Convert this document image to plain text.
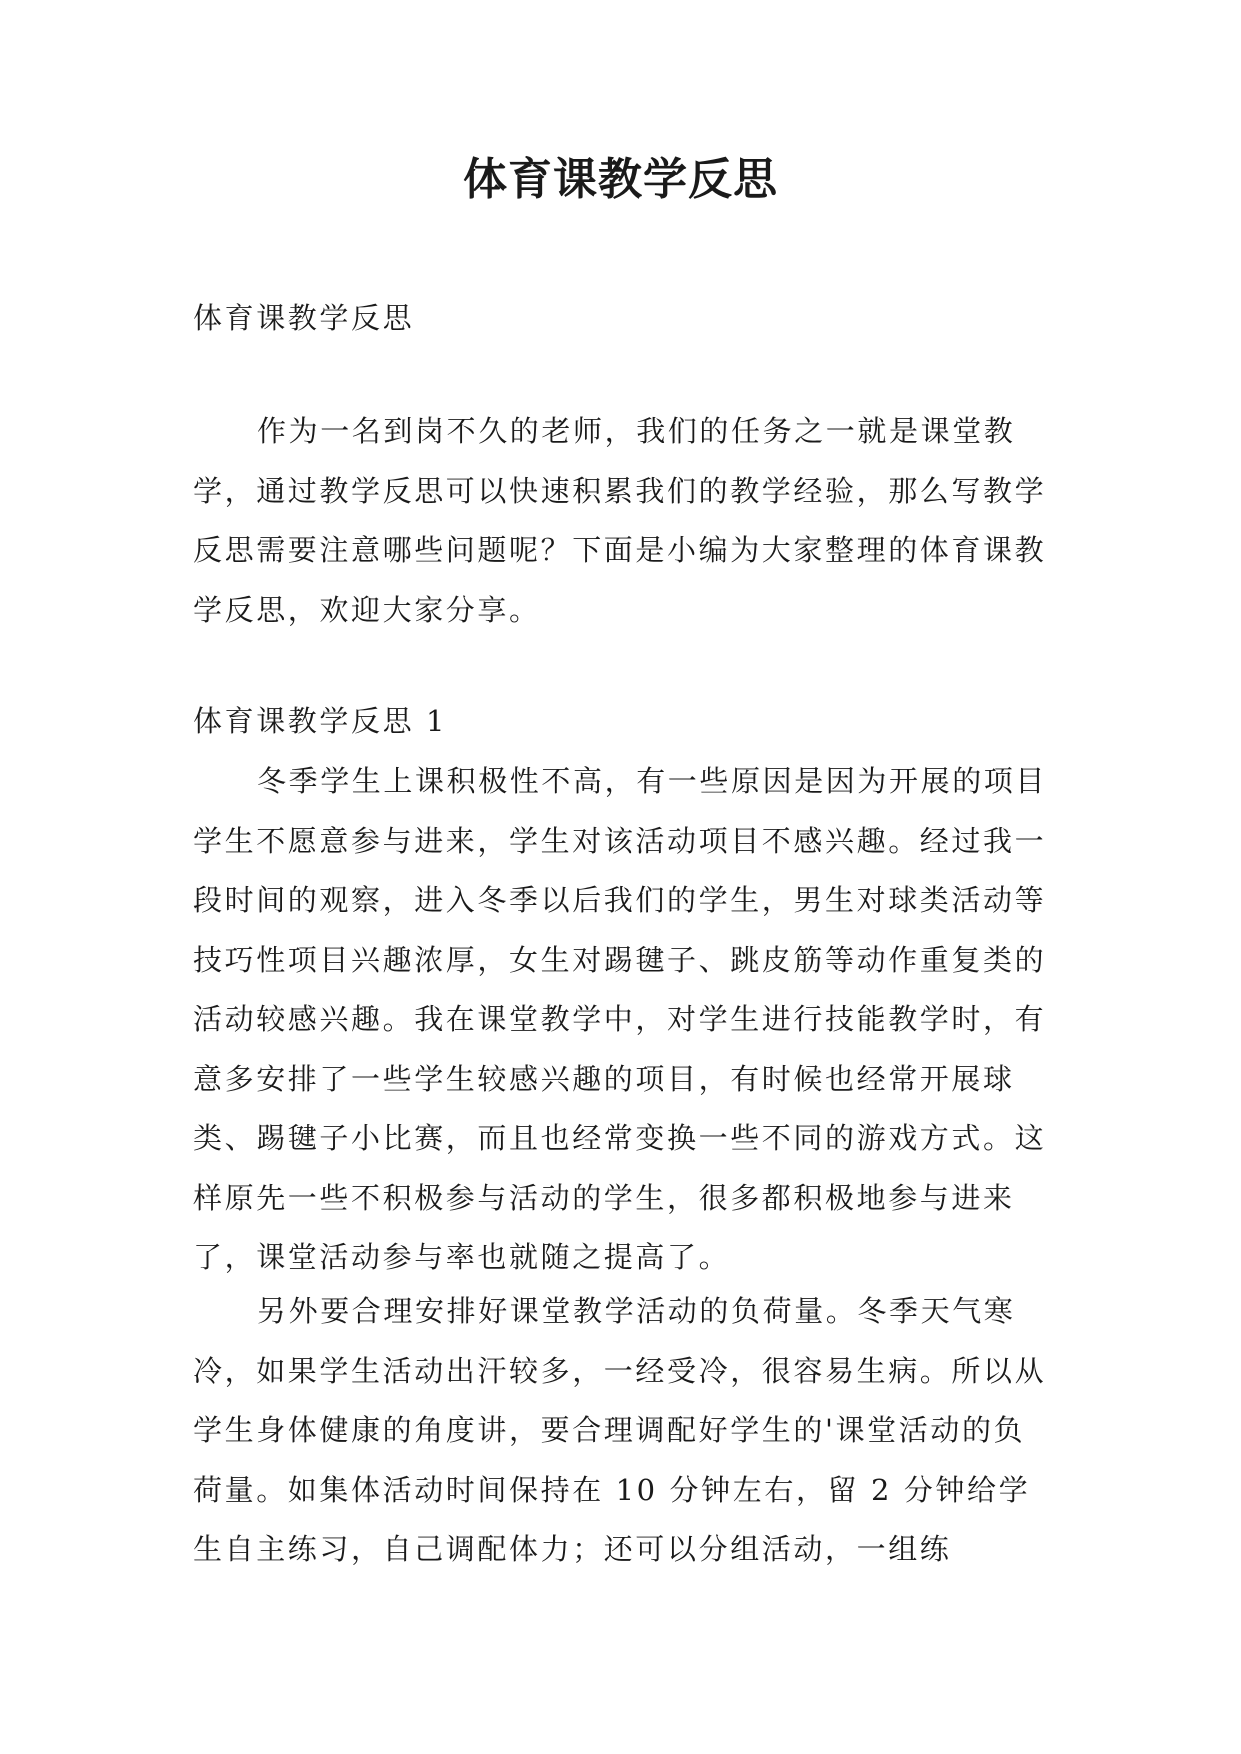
体育课教学反思

体育课教学反思

作为一名到岗不久的老师，我们的任务之一就是课堂教学，通过教学反思可以快速积累我们的教学经验，那么写教学反思需要注意哪些问题呢？下面是小编为大家整理的体育课教学反思，欢迎大家分享。

体育课教学反思 1

冬季学生上课积极性不高，有一些原因是因为开展的项目学生不愿意参与进来，学生对该活动项目不感兴趣。经过我一段时间的观察，进入冬季以后我们的学生，男生对球类活动等技巧性项目兴趣浓厚，女生对踢毽子、跳皮筋等动作重复类的活动较感兴趣。我在课堂教学中，对学生进行技能教学时，有意多安排了一些学生较感兴趣的项目，有时候也经常开展球类、踢毽子小比赛，而且也经常变换一些不同的游戏方式。这样原先一些不积极参与活动的学生，很多都积极地参与进来了，课堂活动参与率也就随之提高了。

另外要合理安排好课堂教学活动的负荷量。冬季天气寒冷，如果学生活动出汗较多，一经受冷，很容易生病。所以从学生身体健康的角度讲，要合理调配好学生的'课堂活动的负荷量。如集体活动时间保持在 10 分钟左右，留 2 分钟给学生自主练习，自己调配体力；还可以分组活动，一组练
